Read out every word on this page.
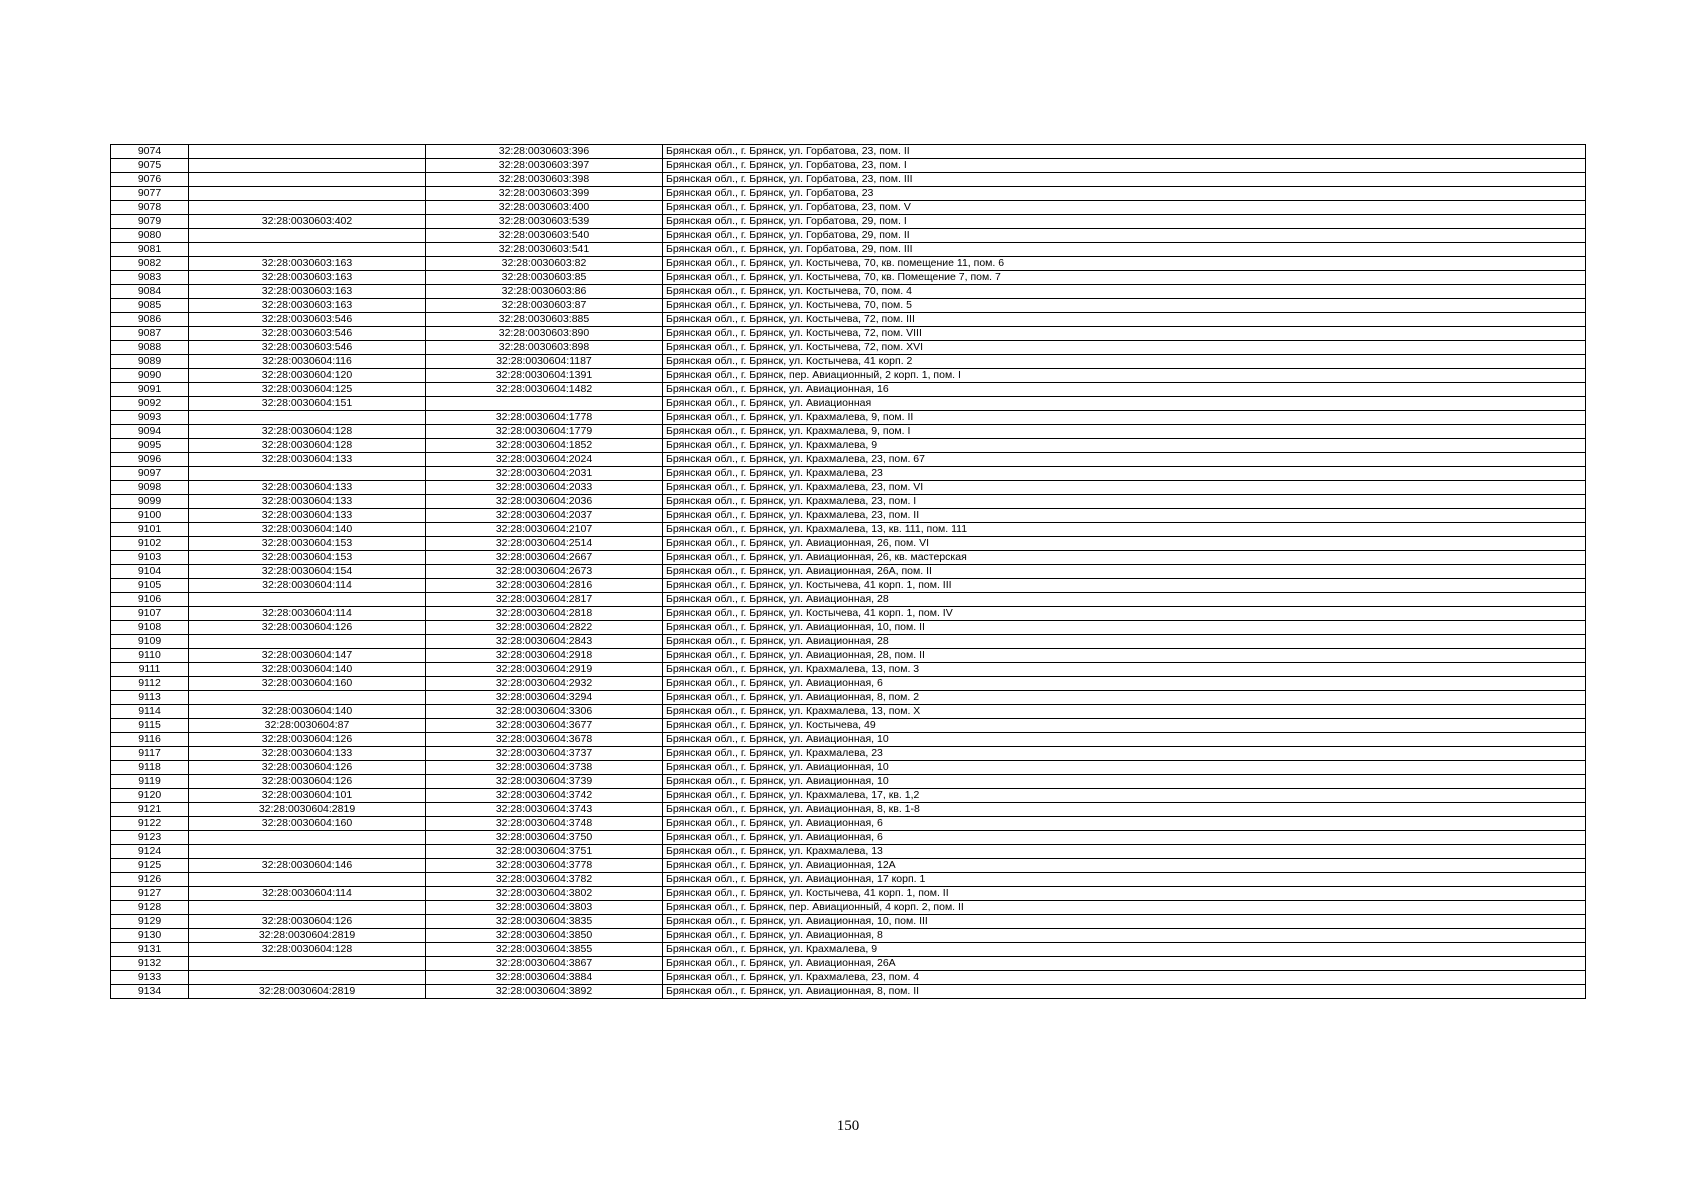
9074		32:28:0030603:396	Брянская обл., г. Брянск, ул. Горбатова, 23, пом. II
9075		32:28:0030603:397	Брянская обл., г. Брянск, ул. Горбатова, 23, пом. I
9076		32:28:0030603:398	Брянская обл., г. Брянск, ул. Горбатова, 23, пом. III
9077		32:28:0030603:399	Брянская обл., г. Брянск, ул. Горбатова, 23
9078		32:28:0030603:400	Брянская обл., г. Брянск, ул. Горбатова, 23, пом. V
9079	32:28:0030603:402	32:28:0030603:539	Брянская обл., г. Брянск, ул. Горбатова, 29, пом. I
9080		32:28:0030603:540	Брянская обл., г. Брянск, ул. Горбатова, 29, пом. II
9081		32:28:0030603:541	Брянская обл., г. Брянск, ул. Горбатова, 29, пом. III
9082	32:28:0030603:163	32:28:0030603:82	Брянская обл., г. Брянск, ул. Костычева, 70, кв. помещение 11, пом. 6
9083	32:28:0030603:163	32:28:0030603:85	Брянская обл., г. Брянск, ул. Костычева, 70, кв. Помещение 7, пом. 7
9084	32:28:0030603:163	32:28:0030603:86	Брянская обл., г. Брянск, ул. Костычева, 70, пом. 4
9085	32:28:0030603:163	32:28:0030603:87	Брянская обл., г. Брянск, ул. Костычева, 70, пом. 5
9086	32:28:0030603:546	32:28:0030603:885	Брянская обл., г. Брянск, ул. Костычева, 72, пом. III
9087	32:28:0030603:546	32:28:0030603:890	Брянская обл., г. Брянск, ул. Костычева, 72, пом. VIII
9088	32:28:0030603:546	32:28:0030603:898	Брянская обл., г. Брянск, ул. Костычева, 72, пом. XVI
9089	32:28:0030604:116	32:28:0030604:1187	Брянская обл., г. Брянск, ул. Костычева, 41 корп. 2
9090	32:28:0030604:120	32:28:0030604:1391	Брянская обл., г. Брянск, пер. Авиационный, 2 корп. 1, пом. I
9091	32:28:0030604:125	32:28:0030604:1482	Брянская обл., г. Брянск, ул. Авиационная, 16
9092	32:28:0030604:151		Брянская обл., г. Брянск, ул. Авиационная
9093		32:28:0030604:1778	Брянская обл., г. Брянск, ул. Крахмалева, 9, пом. II
9094	32:28:0030604:128	32:28:0030604:1779	Брянская обл., г. Брянск, ул. Крахмалева, 9, пом. I
9095	32:28:0030604:128	32:28:0030604:1852	Брянская обл., г. Брянск, ул. Крахмалева, 9
9096	32:28:0030604:133	32:28:0030604:2024	Брянская обл., г. Брянск, ул. Крахмалева, 23, пом. 67
9097		32:28:0030604:2031	Брянская обл., г. Брянск, ул. Крахмалева, 23
9098	32:28:0030604:133	32:28:0030604:2033	Брянская обл., г. Брянск, ул. Крахмалева, 23, пом. VI
9099	32:28:0030604:133	32:28:0030604:2036	Брянская обл., г. Брянск, ул. Крахмалева, 23, пом. I
9100	32:28:0030604:133	32:28:0030604:2037	Брянская обл., г. Брянск, ул. Крахмалева, 23, пом. II
9101	32:28:0030604:140	32:28:0030604:2107	Брянская обл., г. Брянск, ул. Крахмалева, 13, кв. 111, пом. 111
9102	32:28:0030604:153	32:28:0030604:2514	Брянская обл., г. Брянск, ул. Авиационная, 26, пом. VI
9103	32:28:0030604:153	32:28:0030604:2667	Брянская обл., г. Брянск, ул. Авиационная, 26, кв. мастерская
9104	32:28:0030604:154	32:28:0030604:2673	Брянская обл., г. Брянск, ул. Авиационная, 26А, пом. II
9105	32:28:0030604:114	32:28:0030604:2816	Брянская обл., г. Брянск, ул. Костычева, 41 корп. 1, пом. III
9106		32:28:0030604:2817	Брянская обл., г. Брянск, ул. Авиационная, 28
9107	32:28:0030604:114	32:28:0030604:2818	Брянская обл., г. Брянск, ул. Костычева, 41 корп. 1, пом. IV
9108	32:28:0030604:126	32:28:0030604:2822	Брянская обл., г. Брянск, ул. Авиационная, 10, пом. II
9109		32:28:0030604:2843	Брянская обл., г. Брянск, ул. Авиационная, 28
9110	32:28:0030604:147	32:28:0030604:2918	Брянская обл., г. Брянск, ул. Авиационная, 28, пом. II
9111	32:28:0030604:140	32:28:0030604:2919	Брянская обл., г. Брянск, ул. Крахмалева, 13, пом. 3
9112	32:28:0030604:160	32:28:0030604:2932	Брянская обл., г. Брянск, ул. Авиационная, 6
9113		32:28:0030604:3294	Брянская обл., г. Брянск, ул. Авиационная, 8, пом. 2
9114	32:28:0030604:140	32:28:0030604:3306	Брянская обл., г. Брянск, ул. Крахмалева, 13, пом. X
9115	32:28:0030604:87	32:28:0030604:3677	Брянская обл., г. Брянск, ул. Костычева, 49
9116	32:28:0030604:126	32:28:0030604:3678	Брянская обл., г. Брянск, ул. Авиационная, 10
9117	32:28:0030604:133	32:28:0030604:3737	Брянская обл., г. Брянск, ул. Крахмалева, 23
9118	32:28:0030604:126	32:28:0030604:3738	Брянская обл., г. Брянск, ул. Авиационная, 10
9119	32:28:0030604:126	32:28:0030604:3739	Брянская обл., г. Брянск, ул. Авиационная, 10
9120	32:28:0030604:101	32:28:0030604:3742	Брянская обл., г. Брянск, ул. Крахмалева, 17, кв. 1,2
9121	32:28:0030604:2819	32:28:0030604:3743	Брянская обл., г. Брянск, ул. Авиационная, 8, кв. 1-8
9122	32:28:0030604:160	32:28:0030604:3748	Брянская обл., г. Брянск, ул. Авиационная, 6
9123		32:28:0030604:3750	Брянская обл., г. Брянск, ул. Авиационная, 6
9124		32:28:0030604:3751	Брянская обл., г. Брянск, ул. Крахмалева, 13
9125	32:28:0030604:146	32:28:0030604:3778	Брянская обл., г. Брянск, ул. Авиационная, 12А
9126		32:28:0030604:3782	Брянская обл., г. Брянск, ул. Авиационная, 17 корп. 1
9127	32:28:0030604:114	32:28:0030604:3802	Брянская обл., г. Брянск, ул. Костычева, 41 корп. 1, пом. II
9128		32:28:0030604:3803	Брянская обл., г. Брянск, пер. Авиационный, 4 корп. 2, пом. II
9129	32:28:0030604:126	32:28:0030604:3835	Брянская обл., г. Брянск, ул. Авиационная, 10, пом. III
9130	32:28:0030604:2819	32:28:0030604:3850	Брянская обл., г. Брянск, ул. Авиационная, 8
9131	32:28:0030604:128	32:28:0030604:3855	Брянская обл., г. Брянск, ул. Крахмалева, 9
9132		32:28:0030604:3867	Брянская обл., г. Брянск, ул. Авиационная, 26А
9133		32:28:0030604:3884	Брянская обл., г. Брянск, ул. Крахмалева, 23, пом. 4
9134	32:28:0030604:2819	32:28:0030604:3892	Брянская обл., г. Брянск, ул. Авиационная, 8, пом. II
150
